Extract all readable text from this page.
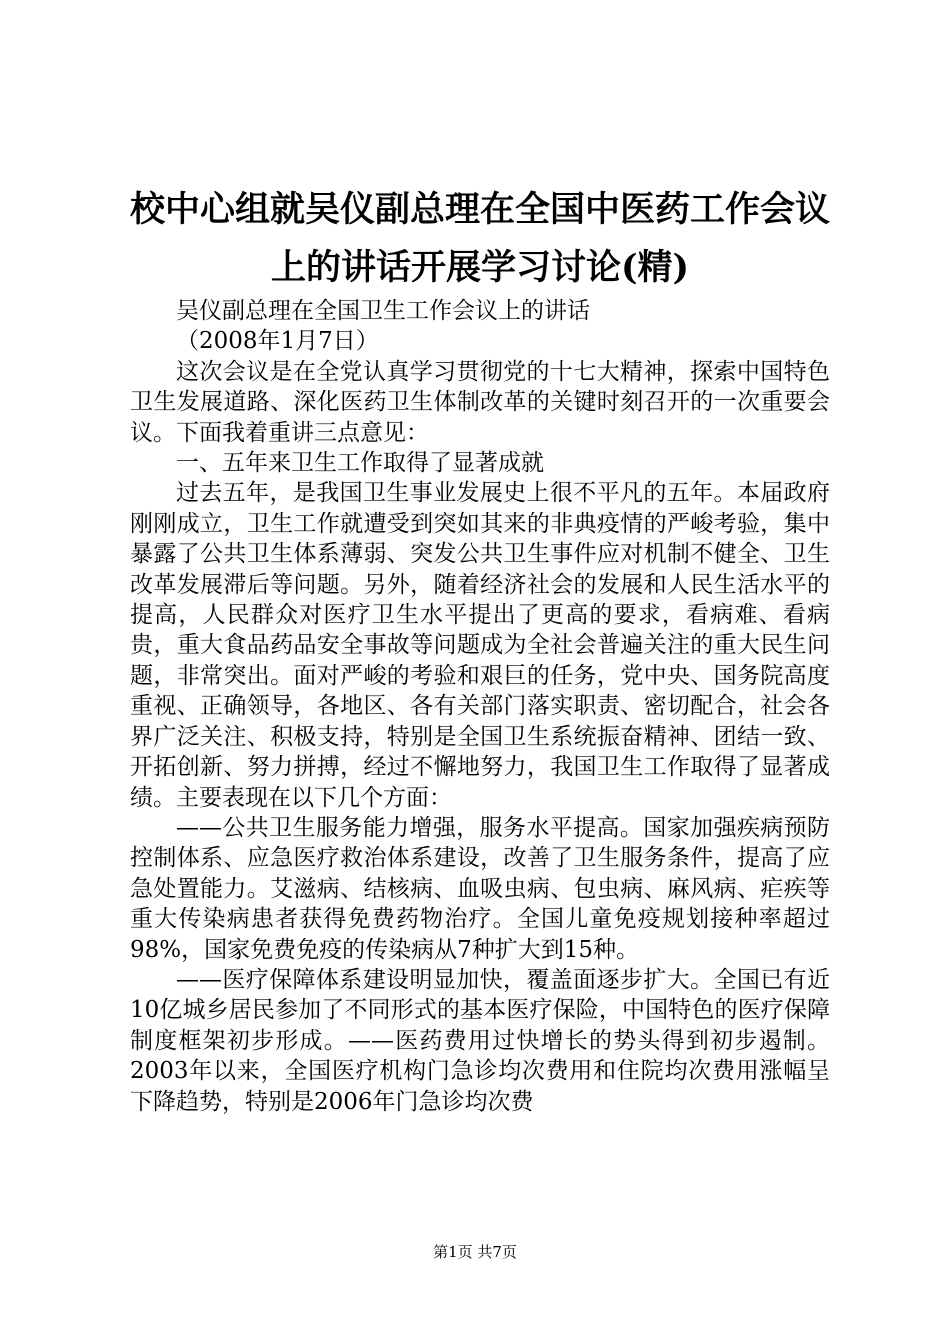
校中心组就吴仪副总理在全国中医药工作会议
上的讲话开展学习讨论(精)

吴仪副总理在全国卫生工作会议上的讲话

（2008年1月7日）

这次会议是在全党认真学习贯彻党的十七大精神，探索中国特色卫生发展道路、深化医药卫生体制改革的关键时刻召开的一次重要会议。下面我着重讲三点意见：

一、五年来卫生工作取得了显著成就

过去五年，是我国卫生事业发展史上很不平凡的五年。本届政府刚刚成立，卫生工作就遭受到突如其来的非典疫情的严峻考验，集中暴露了公共卫生体系薄弱、突发公共卫生事件应对机制不健全、卫生改革发展滞后等问题。另外，随着经济社会的发展和人民生活水平的提高，人民群众对医疗卫生水平提出了更高的要求，看病难、看病贵，重大食品药品安全事故等问题成为全社会普遍关注的重大民生问题，非常突出。面对严峻的考验和艰巨的任务，党中央、国务院高度重视、正确领导，各地区、各有关部门落实职责、密切配合，社会各界广泛关注、积极支持，特别是全国卫生系统振奋精神、团结一致、开拓创新、努力拼搏，经过不懈地努力，我国卫生工作取得了显著成绩。主要表现在以下几个方面：

——公共卫生服务能力增强，服务水平提高。国家加强疾病预防控制体系、应急医疗救治体系建设，改善了卫生服务条件，提高了应急处置能力。艾滋病、结核病、血吸虫病、包虫病、麻风病、疟疾等重大传染病患者获得免费药物治疗。全国儿童免疫规划接种率超过98%，国家免费免疫的传染病从7种扩大到15种。

——医疗保障体系建设明显加快，覆盖面逐步扩大。全国已有近10亿城乡居民参加了不同形式的基本医疗保险，中国特色的医疗保障制度框架初步形成。——医药费用过快增长的势头得到初步遏制。2003年以来，全国医疗机构门急诊均次费用和住院均次费用涨幅呈下降趋势，特别是2006年门急诊均次费

第1页 共7页
